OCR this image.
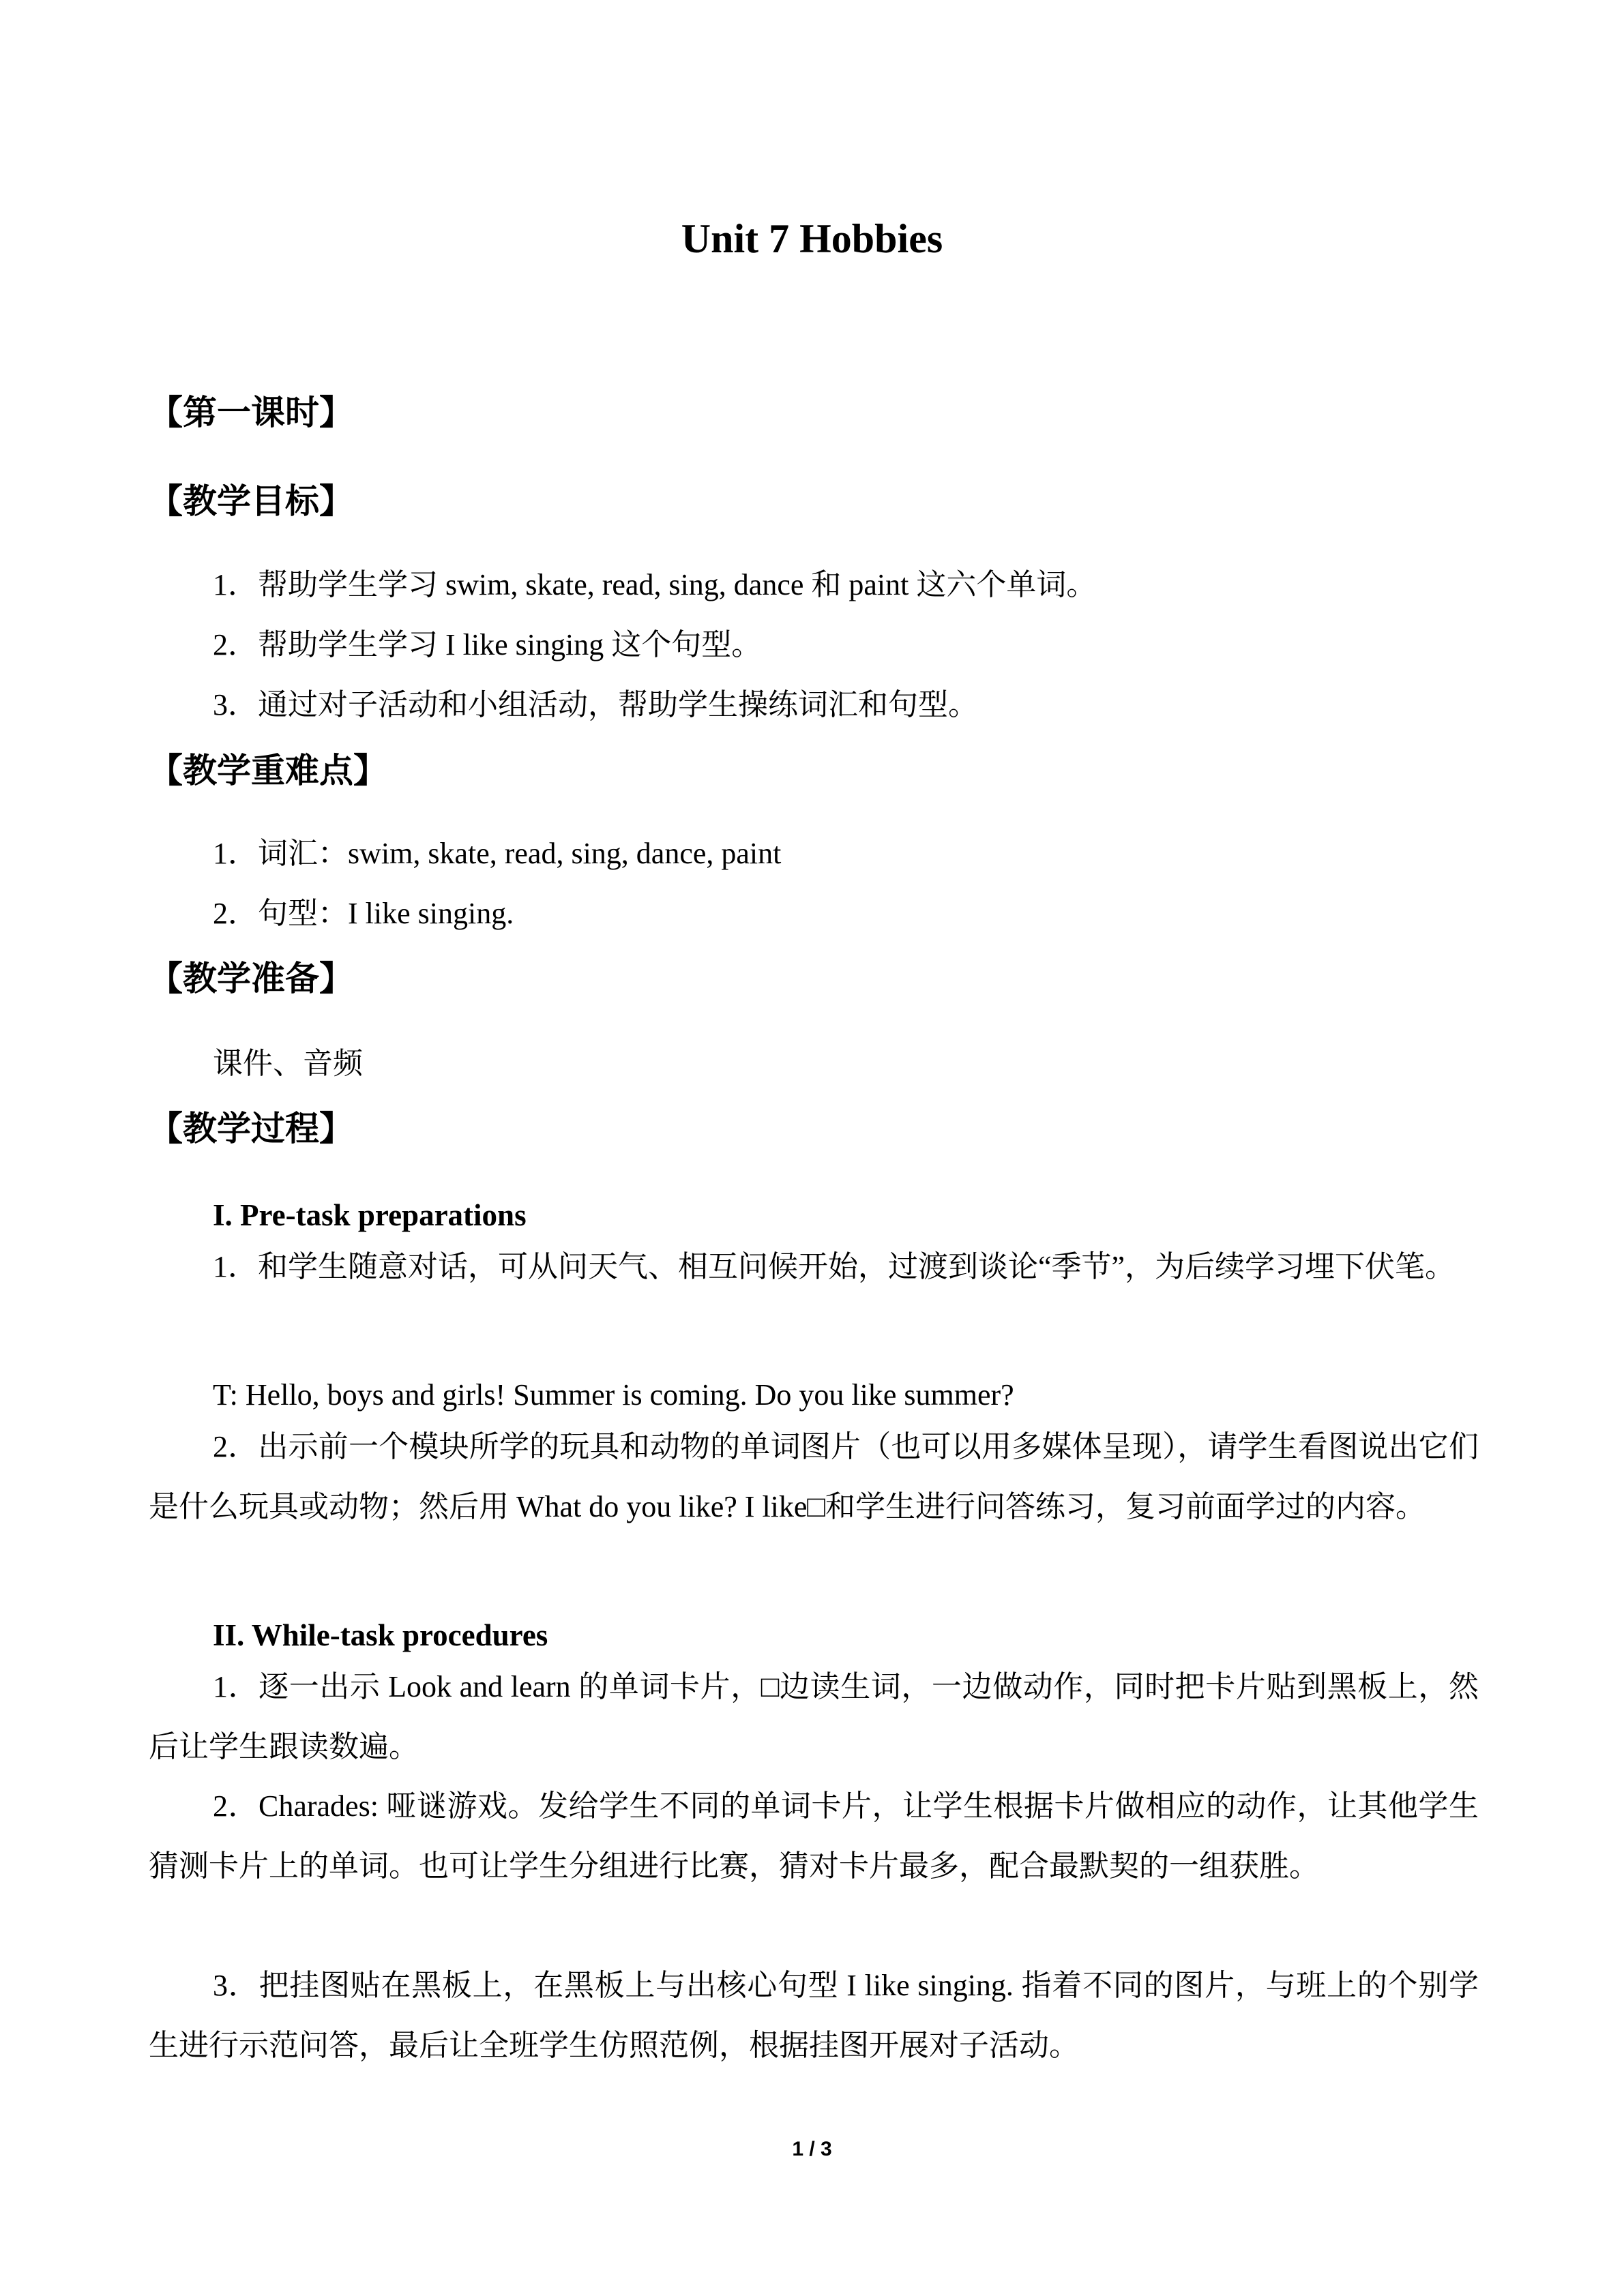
Unit 7 Hobbies
【第一课时】
【教学目标】
1．帮助学生学习 swim, skate, read, sing, dance 和 paint 这六个单词。
2．帮助学生学习 I like singing 这个句型。
3．通过对子活动和小组活动，帮助学生操练词汇和句型。
【教学重难点】
1．词汇：swim, skate, read, sing, dance, paint
2．句型：I like singing.
【教学准备】
课件、音频
【教学过程】
I. Pre-task preparations
1．和学生随意对话，可从问天气、相互问候开始，过渡到谈论“季节”，为后续学习埋下伏笔。
T: Hello, boys and girls! Summer is coming. Do you like summer?
2．出示前一个模块所学的玩具和动物的单词图片（也可以用多媒体呈现），请学生看图说出它们是什么玩具或动物；然后用 What do you like? I like□和学生进行问答练习，复习前面学过的内容。
II. While-task procedures
1．逐一出示 Look and learn 的单词卡片，□边读生词，一边做动作，同时把卡片贴到黑板上，然后让学生跟读数遍。
2．Charades: 哑谜游戏。发给学生不同的单词卡片，让学生根据卡片做相应的动作，让其他学生猜测卡片上的单词。也可让学生分组进行比赛，猜对卡片最多，配合最默契的一组获胜。
3．把挂图贴在黑板上，在黑板上与出核心句型 I like singing. 指着不同的图片，与班上的个别学生进行示范问答，最后让全班学生仿照范例，根据挂图开展对子活动。
1 / 3
